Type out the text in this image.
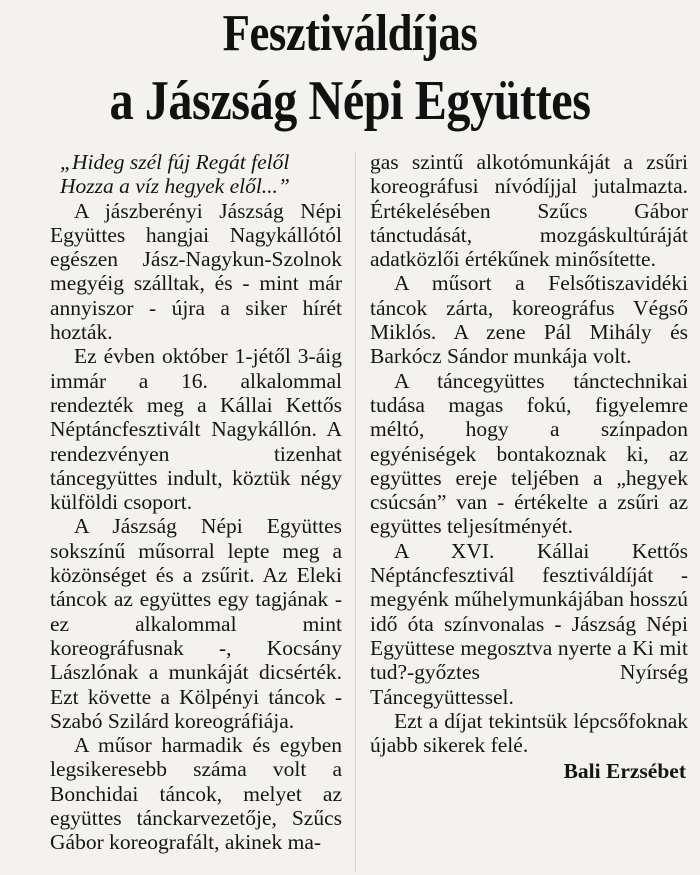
Fesztiváldíjas
a Jászság Népi Együttes

„Hideg szél fúj Regát felől
Hozza a víz hegyek elől...”

A jászberényi Jászság Népi Együttes hangjai Nagykállótól egészen Jász-Nagykun-Szolnok megyéig szálltak, és - mint már annyiszor - újra a siker hírét hozták.

Ez évben október 1-jétől 3-áig immár a 16. alkalommal rendezték meg a Kállai Kettős Néptáncfesztivált Nagykállón. A rendezvényen tizenhat táncegyüttes indult, köztük négy külföldi csoport.

A Jászság Népi Együttes sokszínű műsorral lepte meg a közönséget és a zsűrit. Az Eleki táncok az együttes egy tagjának - ez alkalommal mint koreográfusnak -, Kocsány Lászlónak a munkáját dicsérték. Ezt követte a Kölpényi táncok - Szabó Szilárd koreográfiája.

A műsor harmadik és egyben legsikeresebb száma volt a Bonchidai táncok, melyet az együttes tánckarvezetője, Szűcs Gábor koreografált, akinek ma-

gas szintű alkotómunkáját a zsűri koreográfusi nívódíjjal jutalmazta. Értékelésében Szűcs Gábor tánctudását, mozgáskultúráját adatközlői értékűnek minősítette.

A műsort a Felsőtiszavidéki táncok zárta, koreográfus Végső Miklós. A zene Pál Mihály és Barkócz Sándor munkája volt.

A táncegyüttes tánctechnikai tudása magas fokú, figyelemre méltó, hogy a színpadon egyéniségek bontakoznak ki, az együttes ereje teljében a „hegyek csúcsán” van - értékelte a zsűri az együttes teljesítményét.

A XVI. Kállai Kettős Néptáncfesztivál fesztiváldíját - megyénk műhelymunkájában hosszú idő óta színvonalas - Jászság Népi Együttese megosztva nyerte a Ki mit tud?-győztes Nyírség Táncegyüttessel.

Ezt a díjat tekintsük lépcsőfoknak újabb sikerek felé.

Bali Erzsébet
